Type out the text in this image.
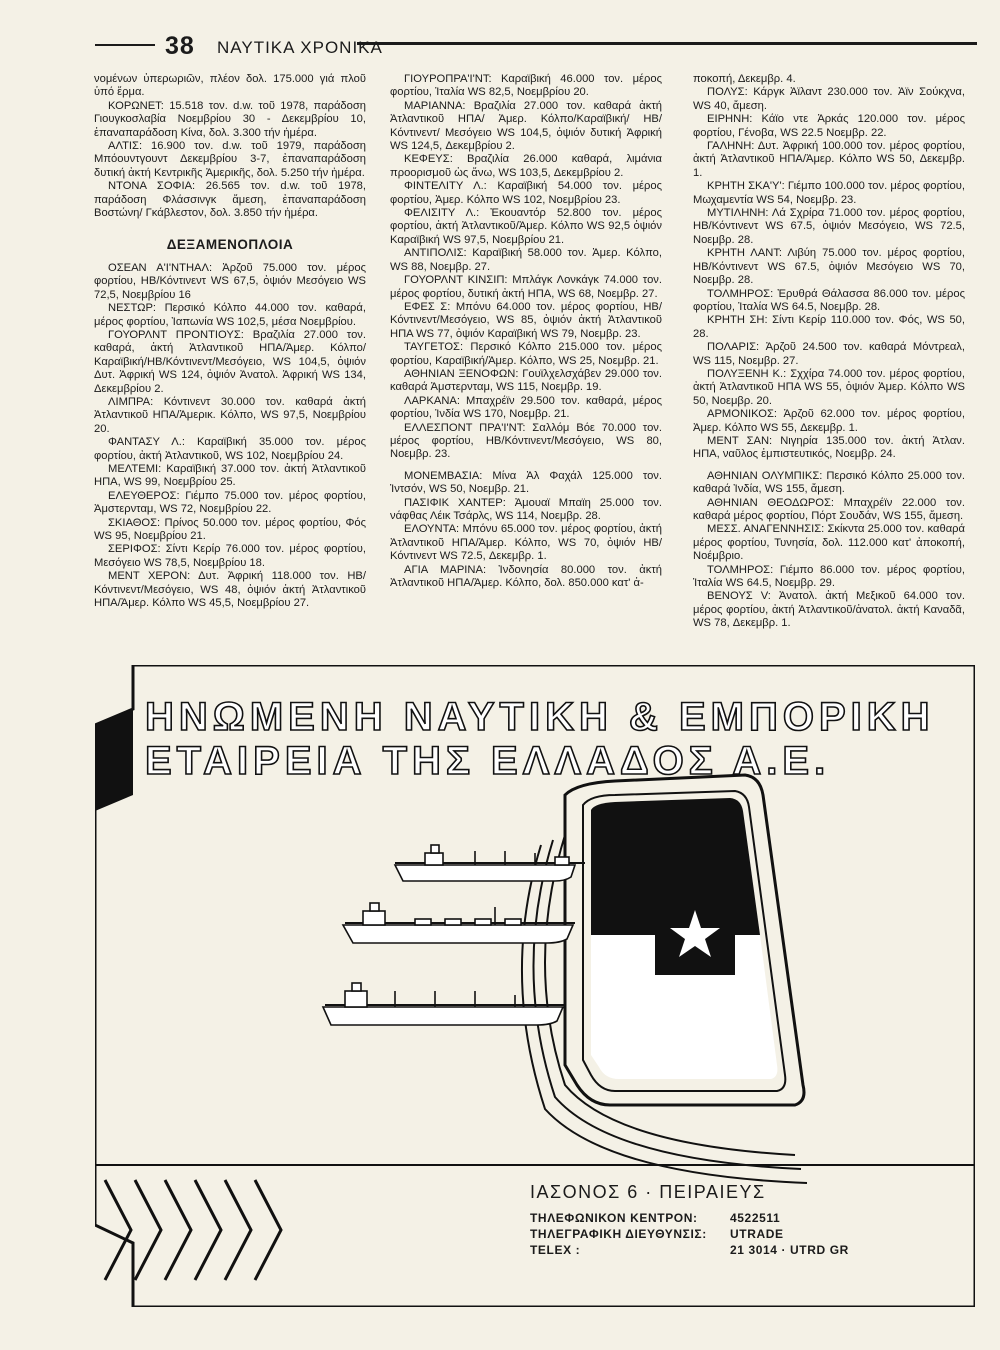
38 ΝΑΥΤΙΚΑ ΧΡΟΝΙΚΑ

νομένων ὑπερωριῶν, πλέον δολ. 175.000 γιά πλοῦ ὑπό ἕρμα.

ΚΟΡΩΝΕΤ: 15.518 τον. d.w. τοῦ 1978, παράδοση Γιουγκοσλαβία Νοεμβρίου 30 - Δεκεμβρίου 10, ἐπαναπαράδοση Κίνα, δολ. 3.300 τήν ἡμέρα.

ΑΛΤΙΣ: 16.900 τον. d.w. τοῦ 1979, παράδοση Μπόουντγουντ Δεκεμβρίου 3-7, ἐπαναπαράδοση δυτική ἀκτή Κεντρικῆς Ἀμερικῆς, δολ. 5.250 τήν ἡμέρα.

ΝΤΟΝΑ ΣΟΦΙΑ: 26.565 τον. d.w. τοῦ 1978, παράδοση Φλάσσινγκ ἄμεση, ἐπαναπαράδοση Βοστώνη/ Γκάβλεστον, δολ. 3.850 τήν ἡμέρα.

ΔΕΞΑΜΕΝΟΠΛΟΙΑ

ΟΣΕΑΝ Α'Ι'ΝΤΗΑΛ: Ἀρζοῦ 75.000 τον. μέρος φορτίου, ΗΒ/Κόντινεντ WS 67,5, ὀψιόν Μεσόγειο WS 72,5, Νοεμβρίου 16

ΝΕΣΤΩΡ: Περσικό Κόλπο 44.000 τον. καθαρά, μέρος φορτίου, Ἰαπωνία WS 102,5, μέσα Νοεμβρίου.

ΓΟΥΟΡΛΝΤ ΠΡΟΝΤΙΟΥΣ: Βραζιλία 27.000 τον. καθαρά, ἀκτή Ἀτλαντικοῦ ΗΠΑ/Ἀμερ. Κόλπο/ Καραϊβική/ΗΒ/Κόντινεντ/Μεσόγειο, WS 104,5, ὀψιόν Δυτ. Ἀφρική WS 124, ὀψιόν Ἀνατολ. Ἀφρική WS 134, Δεκεμβρίου 2.

ΛΙΜΠΡΑ: Κόντινεντ 30.000 τον. καθαρά ἀκτή Ἀτλαντικοῦ ΗΠΑ/Ἀμερικ. Κόλπο, WS 97,5, Νοεμβρίου 20.

ΦΑΝΤΑΣΥ Λ.: Καραϊβική 35.000 τον. μέρος φορτίου, ἀκτή Ἀτλαντικοῦ, WS 102, Νοεμβρίου 24.

ΜΕΛΤΕΜΙ: Καραϊβική 37.000 τον. ἀκτή Ἀτλαντικοῦ ΗΠΑ, WS 99, Νοεμβρίου 25.

ΕΛΕΥΘΕΡΟΣ: Γιέμπο 75.000 τον. μέρος φορτίου, Ἀμστερνταμ, WS 72, Νοεμβρίου 22.

ΣΚΙΑΘΟΣ: Πρίνος 50.000 τον. μέρος φορτίου, Φός WS 95, Νοεμβρίου 21.

ΣΕΡΙΦΟΣ: Σίντι Κερίρ 76.000 τον. μέρος φορτίου, Μεσόγειο WS 78,5, Νοεμβρίου 18.

ΜΕΝΤ ΧΕΡΟΝ: Δυτ. Ἀφρική 118.000 τον. ΗΒ/ Κόντινεντ/Μεσόγειο, WS 48, ὀψιόν ἀκτή Ἀτλαντικοῦ ΗΠΑ/Ἀμερ. Κόλπο WS 45,5, Νοεμβρίου 27.

ΓΙΟΥΡΟΠΡΑ'Ι'ΝΤ: Καραϊβική 46.000 τον. μέρος φορτίου, Ἰταλία WS 82,5, Νοεμβρίου 20.

ΜΑΡΙΑΝΝΑ: Βραζιλία 27.000 τον. καθαρά ἀκτή Ἀτλαντικοῦ ΗΠΑ/ Ἀμερ. Κόλπο/Καραϊβική/ ΗΒ/Κόντινεντ/ Μεσόγειο WS 104,5, ὀψιόν δυτική Ἀφρική WS 124,5, Δεκεμβρίου 2.

ΚΕΦΕΥΣ: Βραζιλία 26.000 καθαρά, λιμάνια προορισμοῦ ὡς ἄνω, WS 103,5, Δεκεμβρίου 2.

ΦΙΝΤΕΛΙΤΥ Λ.: Καραϊβική 54.000 τον. μέρος φορτίου, Ἀμερ. Κόλπο WS 102, Νοεμβρίου 23.

ΦΕΛΙΣΙΤΥ Λ.: Ἐκουαντόρ 52.800 τον. μέρος φορτίου, ἀκτή Ἀτλαντικοῦ/Ἀμερ. Κόλπο WS 92,5 ὀψιόν Καραϊβική WS 97,5, Νοεμβρίου 21.

ΑΝΤΙΠΟΛΙΣ: Καραϊβική 58.000 τον. Ἀμερ. Κόλπο, WS 88, Νοεμβρ. 27.

ΓΟΥΟΡΛΝΤ ΚΙΝΣΙΠ: Μπλάγκ Λονκάγκ 74.000 τον. μέρος φορτίου, δυτική ἀκτή ΗΠΑ, WS 68, Νοεμβρ. 27.

ΕΦΕΣ Σ: Μπόνυ 64.000 τον. μέρος φορτίου, ΗΒ/Κόντινεντ/Μεσόγειο, WS 85, ὀψιόν ἀκτή Ἀτλαντικοῦ ΗΠΑ WS 77, ὀψιόν Καραϊβική WS 79, Νοεμβρ. 23.

ΤΑΥΓΕΤΟΣ: Περσικό Κόλπο 215.000 τον. μέρος φορτίου, Καραϊβική/Ἀμερ. Κόλπο, WS 25, Νοεμβρ. 21.

ΑΘΗΝΙΑΝ ΞΕΝΟΦΩΝ: Γουϊλχελσχάβεν 29.000 τον. καθαρά Ἀμστερνταμ, WS 115, Νοεμβρ. 19.

ΛΑΡΚΑΝΑ: Μπαχρέϊν 29.500 τον. καθαρά, μέρος φορτίου, Ἰνδία WS 170, Νοεμβρ. 21.

ΕΛΛΕΣΠΟΝΤ ΠΡΑ'Ι'ΝΤ: Σαλλόμ Βόε 70.000 τον. μέρος φορτίου, ΗΒ/Κόντινεντ/Μεσόγειο, WS 80, Νοεμβρ. 23.

ΜΟΝΕΜΒΑΣΙΑ: Μίνα Ἀλ Φαχάλ 125.000 τον. Ἰντσόν, WS 50, Νοεμβρ. 21.

ΠΑΣΙΦΙΚ ΧΑΝΤΕΡ: Ἀμουαϊ Μπαϊη 25.000 τον. νάφθας Λέικ Τσάρλς, WS 114, Νοεμβρ. 28.

ΕΛΟΥΝΤΑ: Μπόνυ 65.000 τον. μέρος φορτίου, ἀκτή Ἀτλαντικοῦ ΗΠΑ/Ἀμερ. Κόλπο, WS 70, ὀψιόν ΗΒ/Κόντινεντ WS 72.5, Δεκεμβρ. 1.

ΑΓΙΑ ΜΑΡΙΝΑ: Ἰνδονησία 80.000 τον. ἀκτή Ἀτλαντικοῦ ΗΠΑ/Ἀμερ. Κόλπο, δολ. 850.000 κατ' ἀ-

ποκοπή, Δεκεμβρ. 4.

ΠΟΛΥΣ: Κάργκ Ἀϊλαντ 230.000 τον. Ἀϊν Σούκχνα, WS 40, ἄμεση.

ΕΙΡΗΝΗ: Κάϊο ντε Ἀρκάς 120.000 τον. μέρος φορτίου, Γένοβα, WS 22.5 Νοεμβρ. 22.

ΓΑΛΗΝΗ: Δυτ. Ἀφρική 100.000 τον. μέρος φορτίου, ἀκτή Ἀτλαντικοῦ ΗΠΑ/Ἀμερ. Κόλπο WS 50, Δεκεμβρ. 1.

ΚΡΗΤΗ ΣΚΑ'Υ': Γιέμπο 100.000 τον. μέρος φορτίου, Μωχαμεντία WS 54, Νοεμβρ. 23.

ΜΥΤΙΛΗΝΗ: Λά Σχρίρα 71.000 τον. μέρος φορτίου, ΗΒ/Κόντινεντ WS 67.5, ὀψιόν Μεσόγειο, WS 72.5, Νοεμβρ. 28.

ΚΡΗΤΗ ΛΑΝΤ: Λιβύη 75.000 τον. μέρος φορτίου, ΗΒ/Κόντινεντ WS 67.5, ὀψιόν Μεσόγειο WS 70, Νοεμβρ. 28.

ΤΟΛΜΗΡΟΣ: Ἐρυθρά Θάλασσα 86.000 τον. μέρος φορτίου, Ἰταλία WS 64.5, Νοεμβρ. 28.

ΚΡΗΤΗ ΣΗ: Σίντι Κερίρ 110.000 τον. Φός, WS 50, 28.

ΠΟΛΑΡΙΣ: Ἀρζοῦ 24.500 τον. καθαρά Μόντρεαλ, WS 115, Νοεμβρ. 27.

ΠΟΛΥΞΕΝΗ Κ.: Σχχίρα 74.000 τον. μέρος φορτίου, ἀκτή Ἀτλαντικοῦ ΗΠΑ WS 55, ὀψιόν Ἀμερ. Κόλπο WS 50, Νοεμβρ. 20.

ΑΡΜΟΝΙΚΟΣ: Ἀρζοῦ 62.000 τον. μέρος φορτίου, Ἀμερ. Κόλπο WS 55, Δεκεμβρ. 1.

ΜΕΝΤ ΣΑΝ: Νιγηρία 135.000 τον. ἀκτή Ἀτλαν. ΗΠΑ, ναῦλος ἐμπιστευτικός, Νοεμβρ. 24.

ΑΘΗΝΙΑΝ ΟΛΥΜΠΙΚΣ: Περσικό Κόλπο 25.000 τον. καθαρά Ἰνδία, WS 155, ἄμεση.

ΑΘΗΝΙΑΝ ΘΕΟΔΩΡΟΣ: Μπαχρέϊν 22.000 τον. καθαρά μέρος φορτίου, Πόρτ Σουδάν, WS 155, ἄμεση.

ΜΕΣΣ. ΑΝΑΓΕΝΝΗΣΙΣ: Σκίκντα 25.000 τον. καθαρά μέρος φορτίου, Τυνησία, δολ. 112.000 κατ' ἀποκοπή, Νοέμβριο.

ΤΟΛΜΗΡΟΣ: Γιέμπο 86.000 τον. μέρος φορτίου, Ἰταλία WS 64.5, Νοεμβρ. 29.

ΒΕΝΟΥΣ V: Ἀνατολ. ἀκτή Μεξικοῦ 64.000 τον. μέρος φορτίου, ἀκτή Ἀτλαντικοῦ/ἀνατολ. ἀκτή Καναδᾶ, WS 78, Δεκεμβρ. 1.

ΗΝΩΜΕΝΗ ΝΑΥΤΙΚΗ & ΕΜΠΟΡΙΚΗ
ΕΤΑΙΡΕΙΑ ΤΗΣ ΕΛΛΑΔΟΣ Α.Ε.
ΙΑΣΟΝΟΣ 6 · ΠΕΙΡΑΙΕΥΣ
ΤΗΛΕΦΩΝΙΚΟΝ ΚΕΝΤΡΟΝ:	4522511
ΤΗΛΕΓΡΑΦΙΚΗ ΔΙΕΥΘΥΝΣΙΣ:	UTRADE
TELEX :	21 3014 · UTRD GR
